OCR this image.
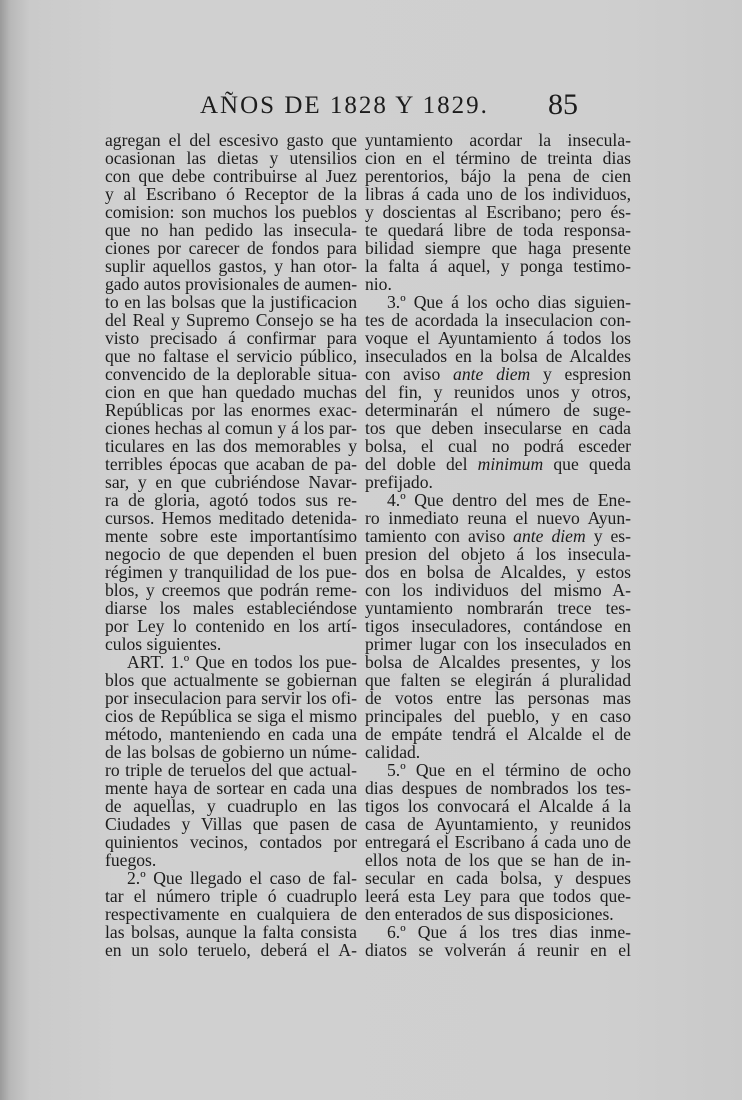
AÑOS DE 1828 Y 1829. 85
agregan el del escesivo gasto que
ocasionan las dietas y utensilios
con que debe contribuirse al Juez
y al Escribano ó Receptor de la
comision: son muchos los pueblos
que no han pedido las insecula-
ciones por carecer de fondos para
suplir aquellos gastos, y han otor-
gado autos provisionales de aumen-
to en las bolsas que la justificacion
del Real y Supremo Consejo se ha
visto precisado á confirmar para
que no faltase el servicio público,
convencido de la deplorable situa-
cion en que han quedado muchas
Repúblicas por las enormes exac-
ciones hechas al comun y á los par-
ticulares en las dos memorables y
terribles épocas que acaban de pa-
sar, y en que cubriéndose Navar-
ra de gloria, agotó todos sus re-
cursos. Hemos meditado detenida-
mente sobre este importantísimo
negocio de que dependen el buen
régimen y tranquilidad de los pue-
blos, y creemos que podrán reme-
diarse los males estableciéndose
por Ley lo contenido en los artí-
culos siguientes.
ART. 1.º Que en todos los pue-
blos que actualmente se gobiernan
por inseculacion para servir los ofi-
cios de República se siga el mismo
método, manteniendo en cada una
de las bolsas de gobierno un núme-
ro triple de teruelos del que actual-
mente haya de sortear en cada una
de aquellas, y cuadruplo en las
Ciudades y Villas que pasen de
quinientos vecinos, contados por
fuegos.
2.º Que llegado el caso de fal-
tar el número triple ó cuadruplo
respectivamente en cualquiera de
las bolsas, aunque la falta consista
en un solo teruelo, deberá el A-
yuntamiento acordar la insecula-
cion en el término de treinta dias
perentorios, bájo la pena de cien
libras á cada uno de los individuos,
y doscientas al Escribano; pero és-
te quedará libre de toda responsa-
bilidad siempre que haga presente
la falta á aquel, y ponga testimo-
nio.
3.º Que á los ocho dias siguien-
tes de acordada la inseculacion con-
voque el Ayuntamiento á todos los
inseculados en la bolsa de Alcaldes
con aviso ante diem y espresion
del fin, y reunidos unos y otros,
determinarán el número de suge-
tos que deben insecularse en cada
bolsa, el cual no podrá esceder
del doble del minimum que queda
prefijado.
4.º Que dentro del mes de Ene-
ro inmediato reuna el nuevo Ayun-
tamiento con aviso ante diem y es-
presion del objeto á los insecula-
dos en bolsa de Alcaldes, y estos
con los individuos del mismo A-
yuntamiento nombrarán trece tes-
tigos inseculadores, contándose en
primer lugar con los inseculados en
bolsa de Alcaldes presentes, y los
que falten se elegirán á pluralidad
de votos entre las personas mas
principales del pueblo, y en caso
de empáte tendrá el Alcalde el de
calidad.
5.º Que en el término de ocho
dias despues de nombrados los tes-
tigos los convocará el Alcalde á la
casa de Ayuntamiento, y reunidos
entregará el Escribano á cada uno de
ellos nota de los que se han de in-
secular en cada bolsa, y despues
leerá esta Ley para que todos que-
den enterados de sus disposiciones.
6.º Que á los tres dias inme-
diatos se volverán á reunir en el
